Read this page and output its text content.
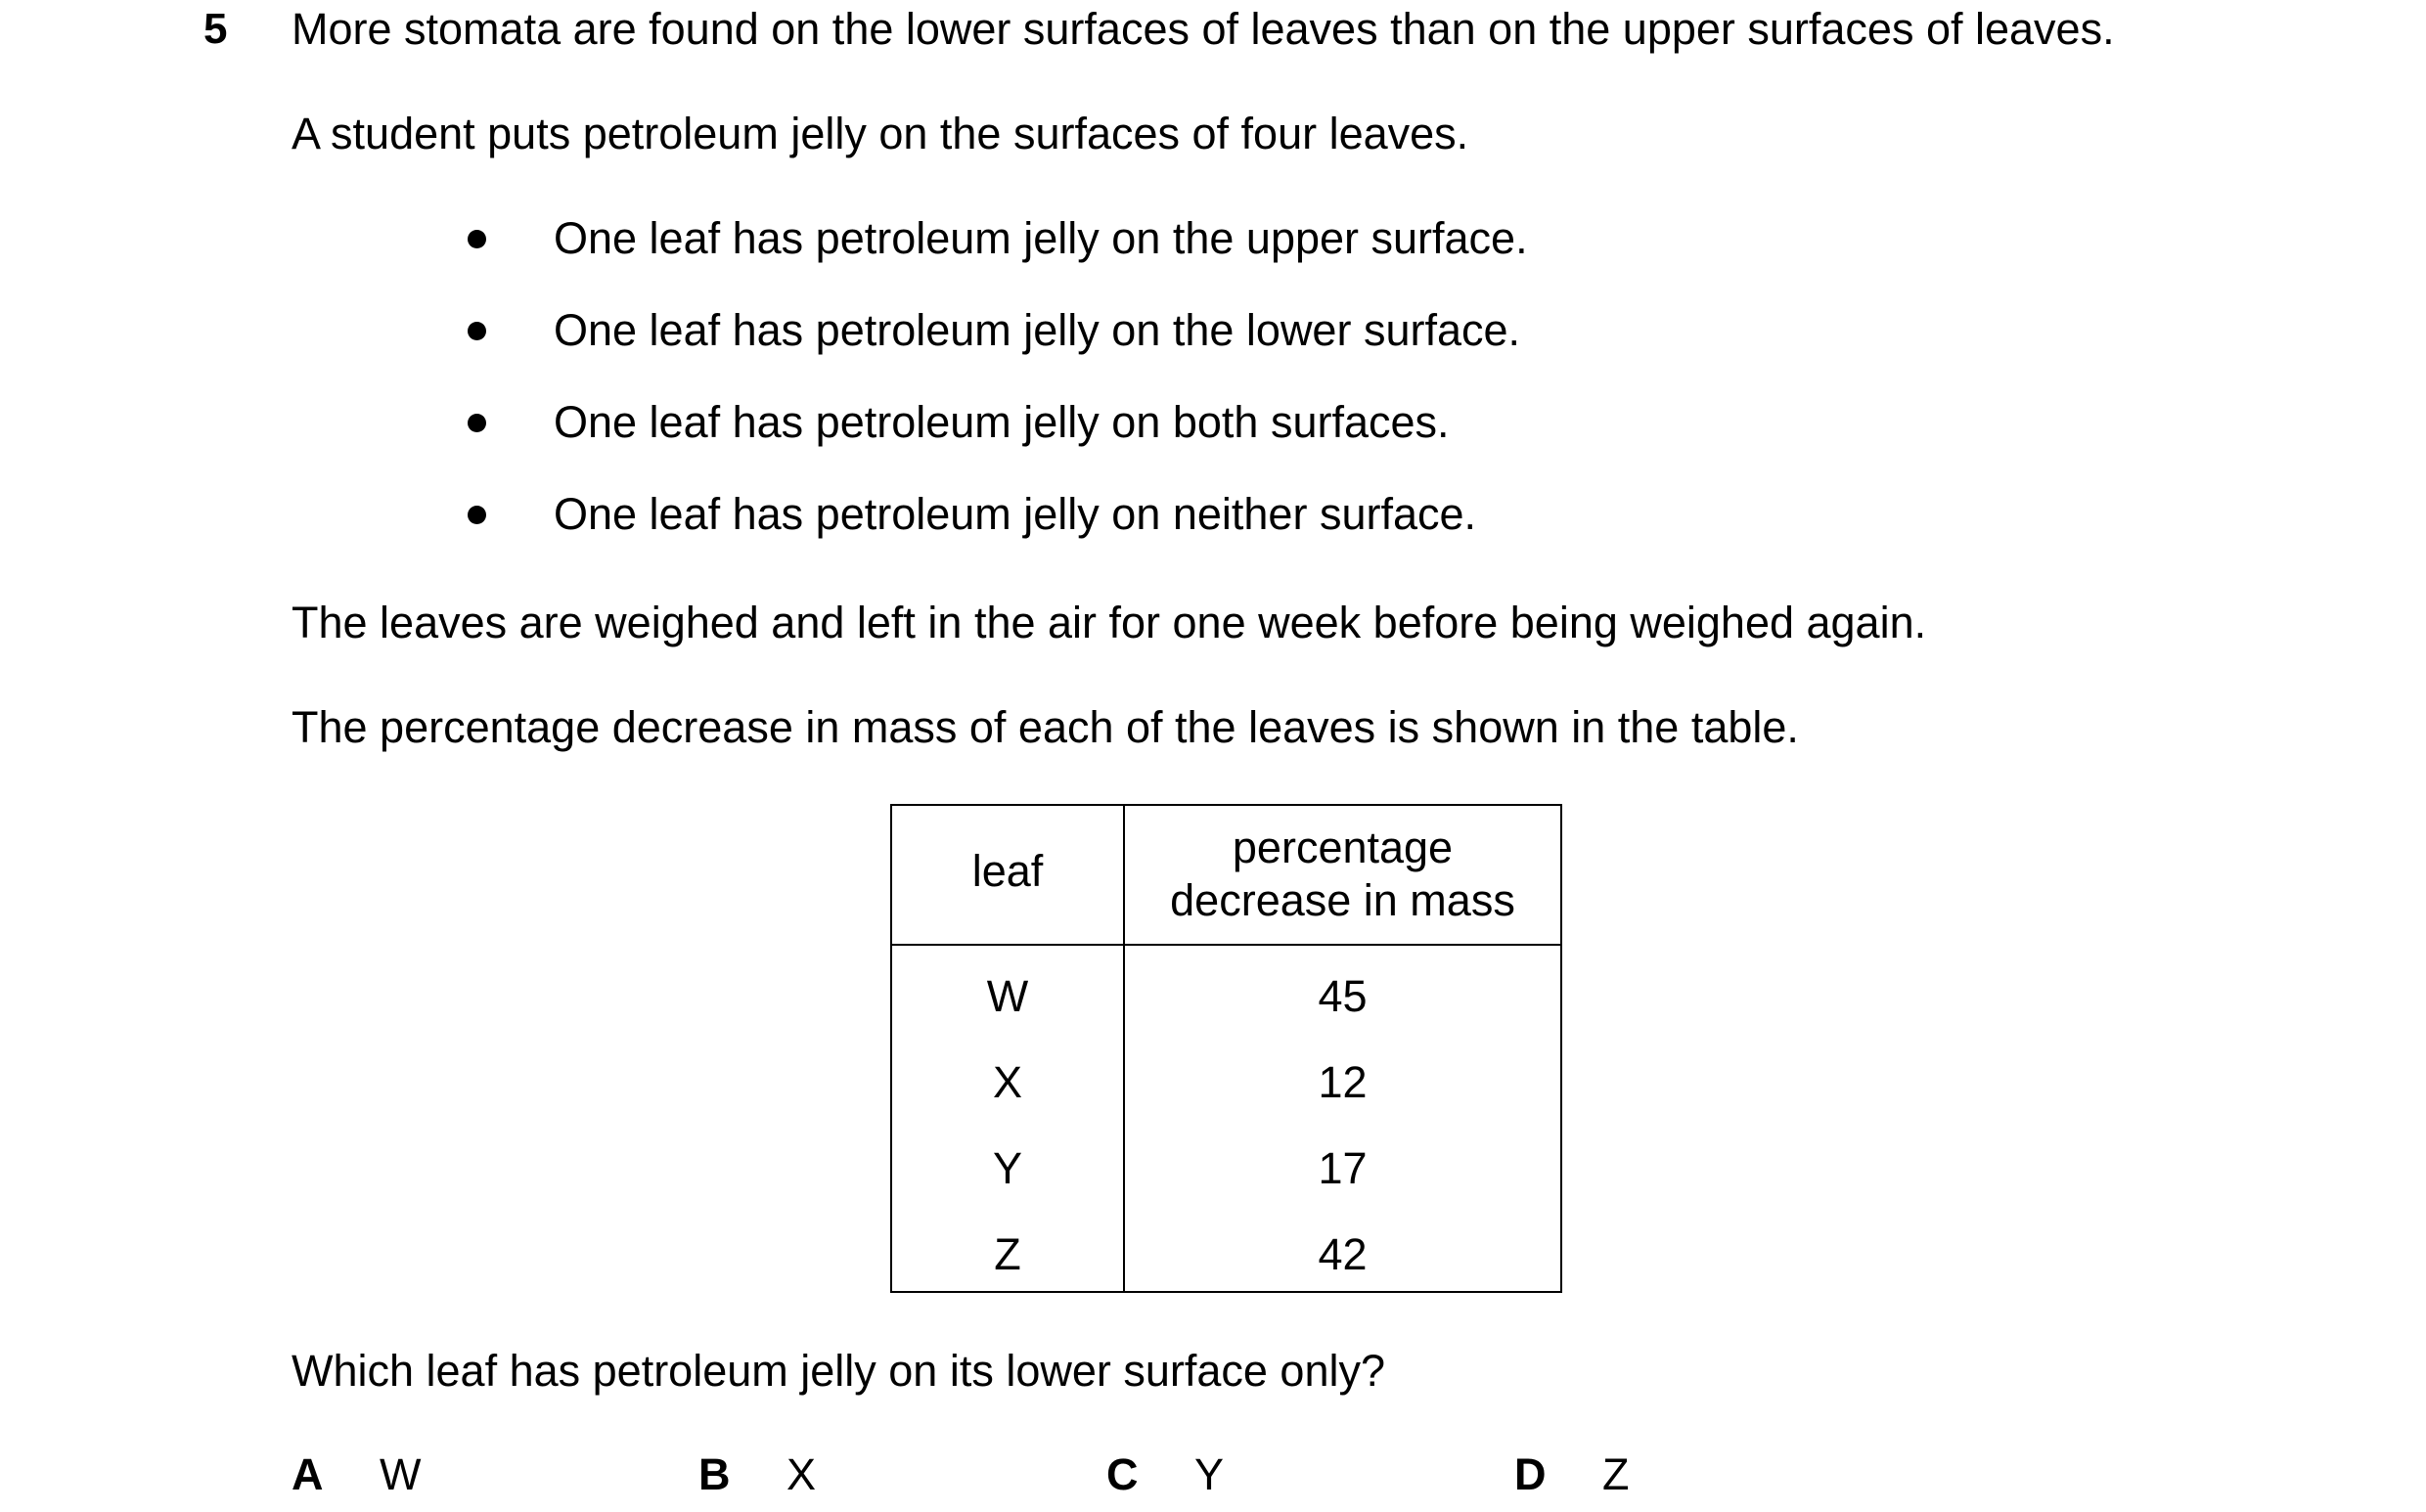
5 More stomata are found on the lower surfaces of leaves than on the upper surfaces of leaves.
A student puts petroleum jelly on the surfaces of four leaves.
One leaf has petroleum jelly on the upper surface.
One leaf has petroleum jelly on the lower surface.
One leaf has petroleum jelly on both surfaces.
One leaf has petroleum jelly on neither surface.
The leaves are weighed and left in the air for one week before being weighed again.
The percentage decrease in mass of each of the leaves is shown in the table.
leaf	percentage
decrease in mass
W	45
X	12
Y	17
Z	42
Which leaf has petroleum jelly on its lower surface only?
A W	B X	C Y	D Z
